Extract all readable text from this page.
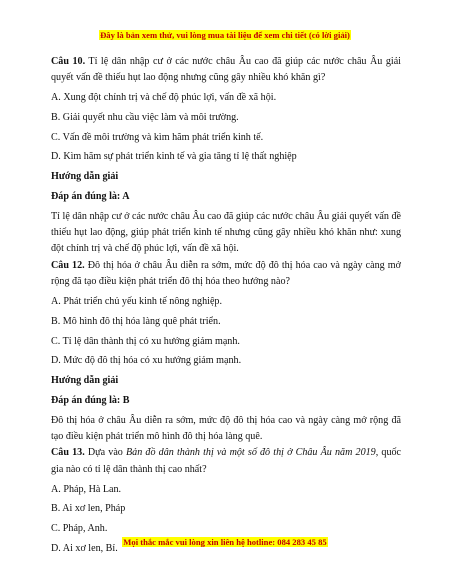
Đây là bản xem thử, vui lòng mua tài liệu để xem chi tiết (có lời giải)

Câu 10. Tỉ lệ dân nhập cư ở các nước châu Âu cao đã giúp các nước châu Âu giải quyết vấn đề thiếu hụt lao động nhưng cũng gây nhiều khó khăn gì?

A. Xung đột chính trị và chế độ phúc lợi, vấn đề xã hội.

B. Giải quyết nhu cầu việc làm và môi trường.

C. Vấn đề môi trường và kìm hãm phát triển kinh tế.

D. Kìm hãm sự phát triển kinh tế và gia tăng tỉ lệ thất nghiệp

Hướng dẫn giải

Đáp án đúng là: A

Tỉ lệ dân nhập cư ở các nước châu Âu cao đã giúp các nước châu Âu giải quyết vấn đề thiếu hụt lao động, giúp phát triển kinh tế nhưng cũng gây nhiều khó khăn như: xung đột chính trị và chế độ phúc lợi, vấn đề xã hội.

Câu 12. Đô thị hóa ở châu Âu diễn ra sớm, mức độ đô thị hóa cao và ngày càng mở rộng đã tạo điều kiện phát triển đô thị hóa theo hướng nào?

A. Phát triển chủ yếu kinh tế nông nghiệp.

B. Mô hình đô thị hóa làng quê phát triển.

C. Tỉ lệ dân thành thị có xu hướng giảm mạnh.

D. Mức độ đô thị hóa có xu hướng giảm mạnh.

Hướng dẫn giải

Đáp án đúng là: B

Đô thị hóa ở châu Âu diễn ra sớm, mức độ đô thị hóa cao và ngày càng mở rộng đã tạo điều kiện phát triển mô hình đô thị hóa làng quê.

Câu 13. Dựa vào Bản đồ dân thành thị và một số đô thị ở Châu Âu năm 2019, quốc gia nào có tỉ lệ dân thành thị cao nhất?

A. Pháp, Hà Lan.

B. Ai xơ len, Pháp

C. Pháp, Anh.

D. Ai xơ len, Bỉ.

Mọi thắc mắc vui lòng xin liên hệ hotline: 084 283 45 85
